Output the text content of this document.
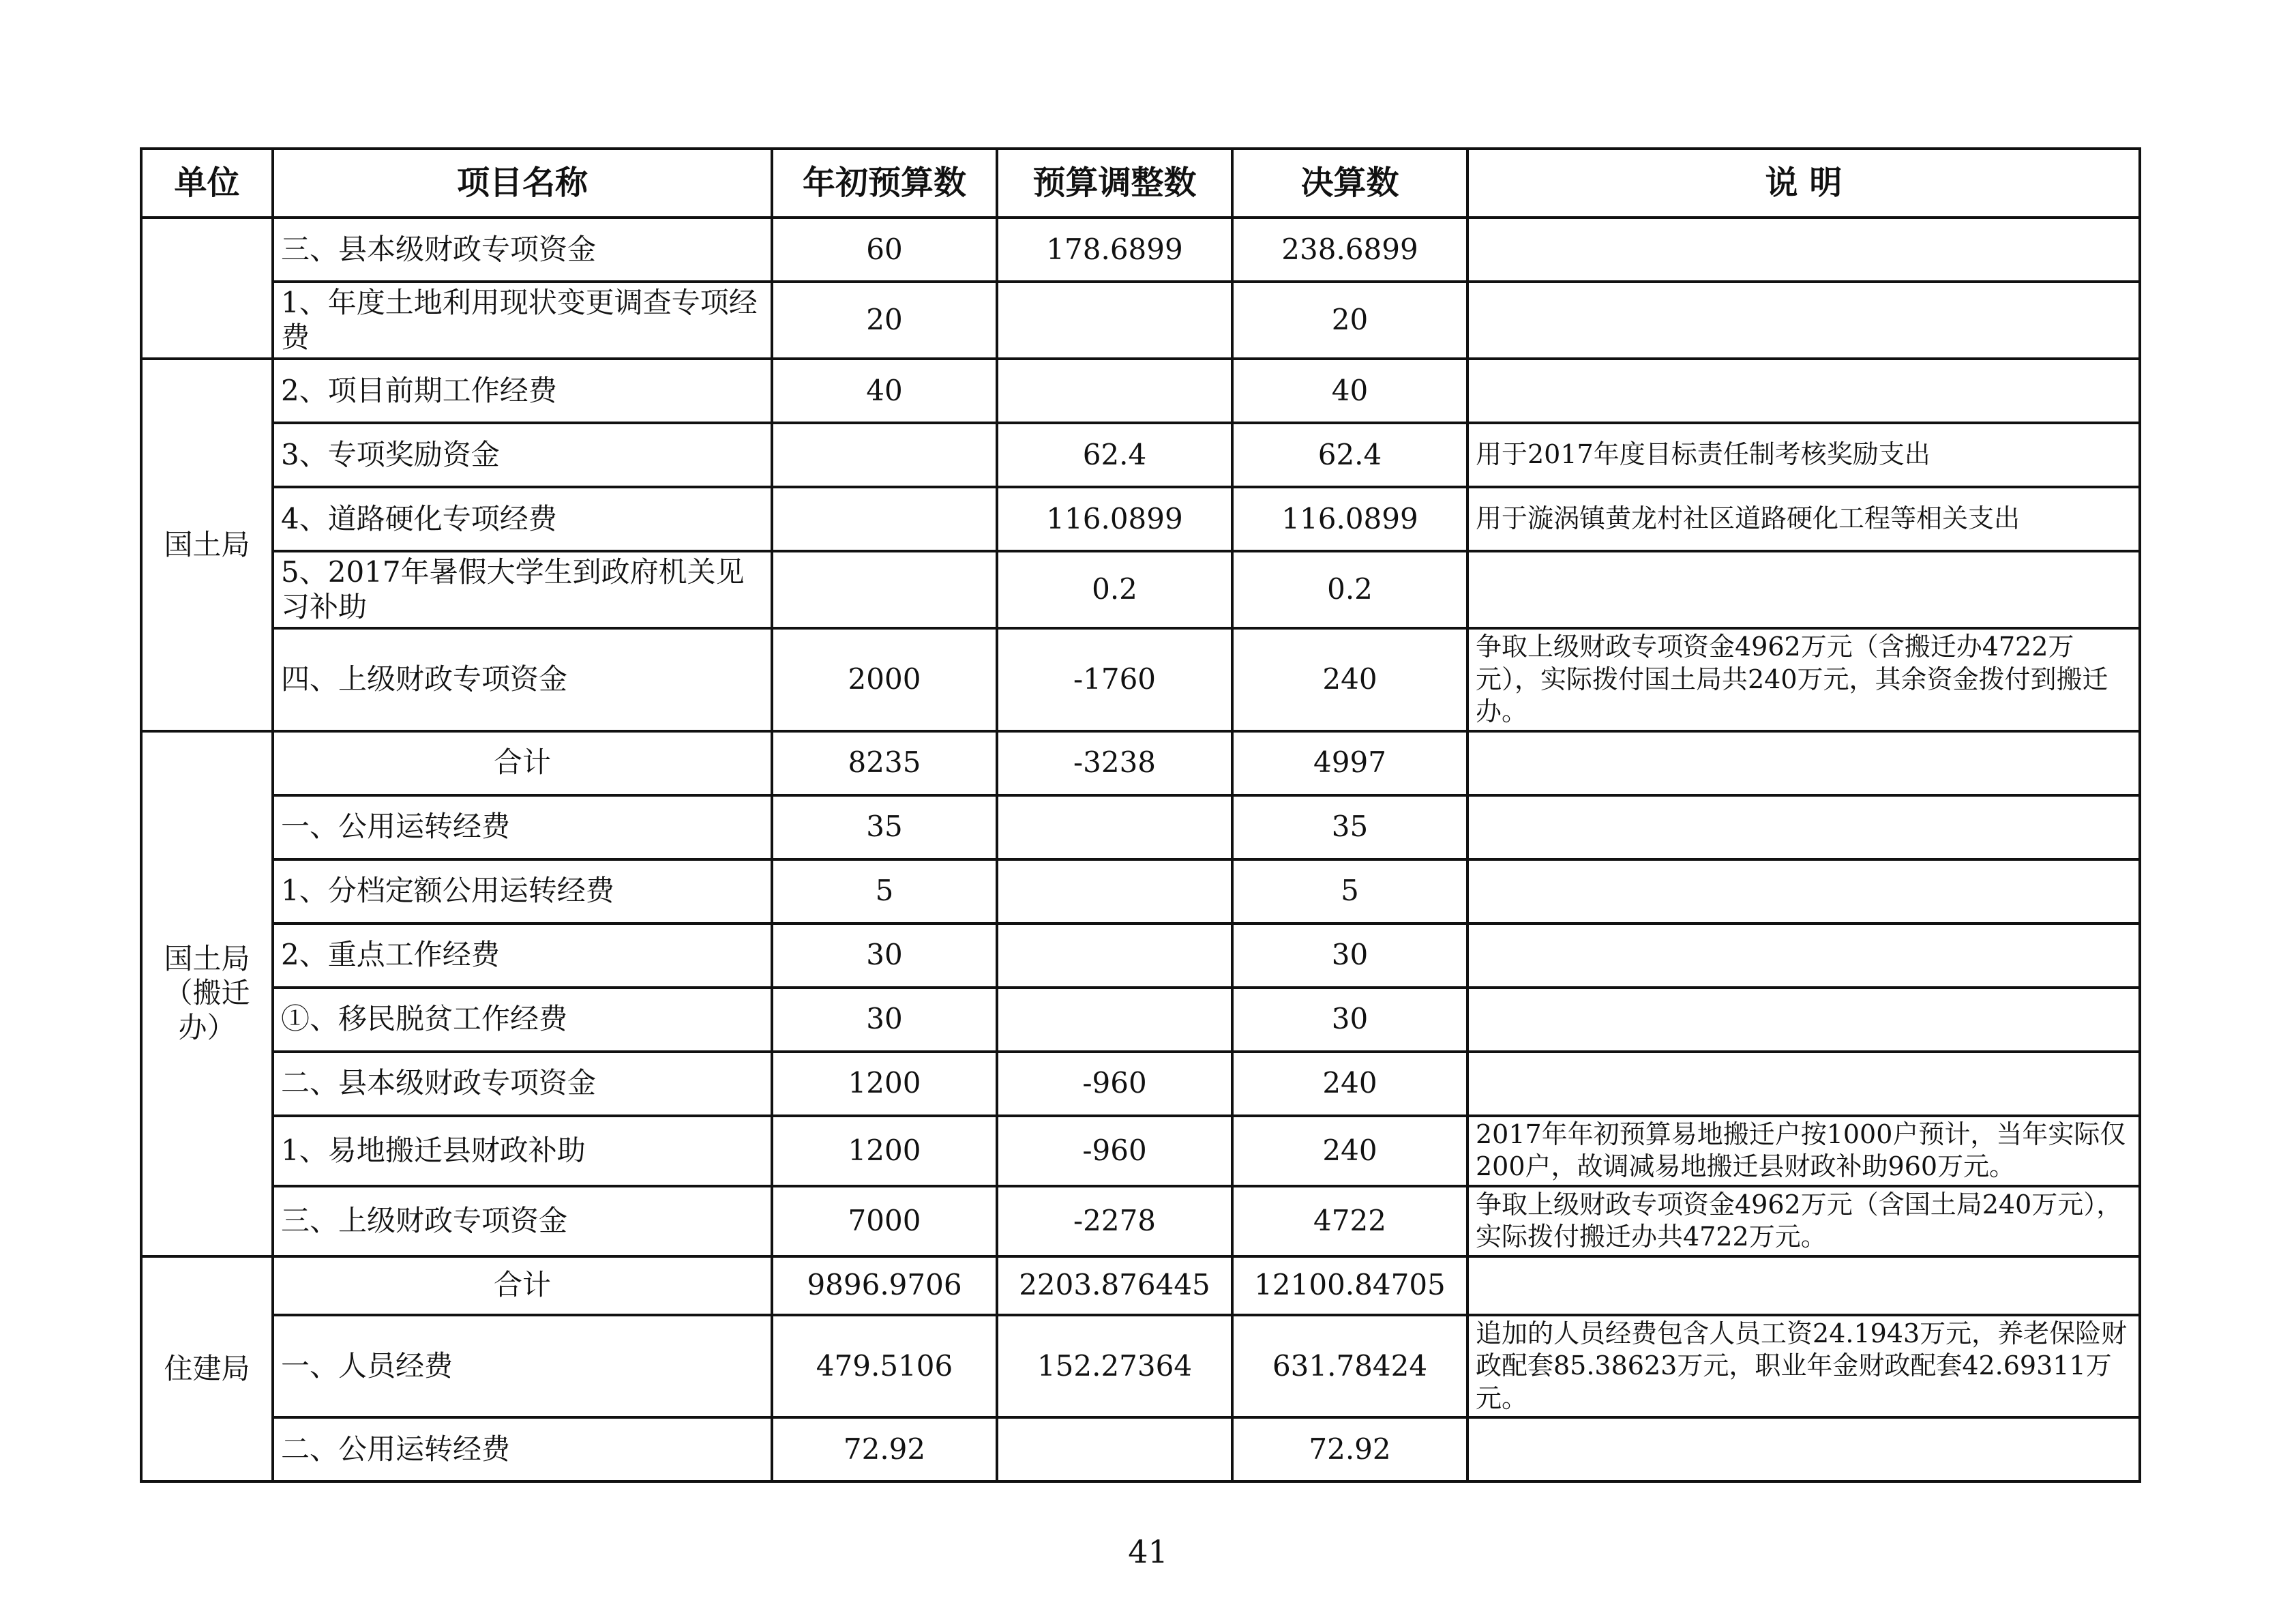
单位	项目名称	年初预算数	预算调整数	决算数	说 明
	三、县本级财政专项资金	60	178.6899	238.6899	
	1、年度土地利用现状变更调查专项经费	20		20	
国土局	2、项目前期工作经费	40		40	
	3、专项奖励资金		62.4	62.4	用于2017年度目标责任制考核奖励支出
	4、道路硬化专项经费		116.0899	116.0899	用于漩涡镇黄龙村社区道路硬化工程等相关支出
	5、2017年暑假大学生到政府机关见习补助		0.2	0.2	
	四、上级财政专项资金	2000	-1760	240	争取上级财政专项资金4962万元（含搬迁办4722万元），实际拨付国土局共240万元，其余资金拨付到搬迁办。
国土局（搬迁办）	合计	8235	-3238	4997	
	一、公用运转经费	35		35	
	1、分档定额公用运转经费	5		5	
	2、重点工作经费	30		30	
	①、移民脱贫工作经费	30		30	
	二、县本级财政专项资金	1200	-960	240	
	1、易地搬迁县财政补助	1200	-960	240	2017年年初预算易地搬迁户按1000户预计，当年实际仅200户，故调减易地搬迁县财政补助960万元。
	三、上级财政专项资金	7000	-2278	4722	争取上级财政专项资金4962万元（含国土局240万元），实际拨付搬迁办共4722万元。
住建局	合计	9896.9706	2203.876445	12100.84705	
	一、人员经费	479.5106	152.27364	631.78424	追加的人员经费包含人员工资24.1943万元，养老保险财政配套85.38623万元，职业年金财政配套42.69311万元。
	二、公用运转经费	72.92		72.92	
41
